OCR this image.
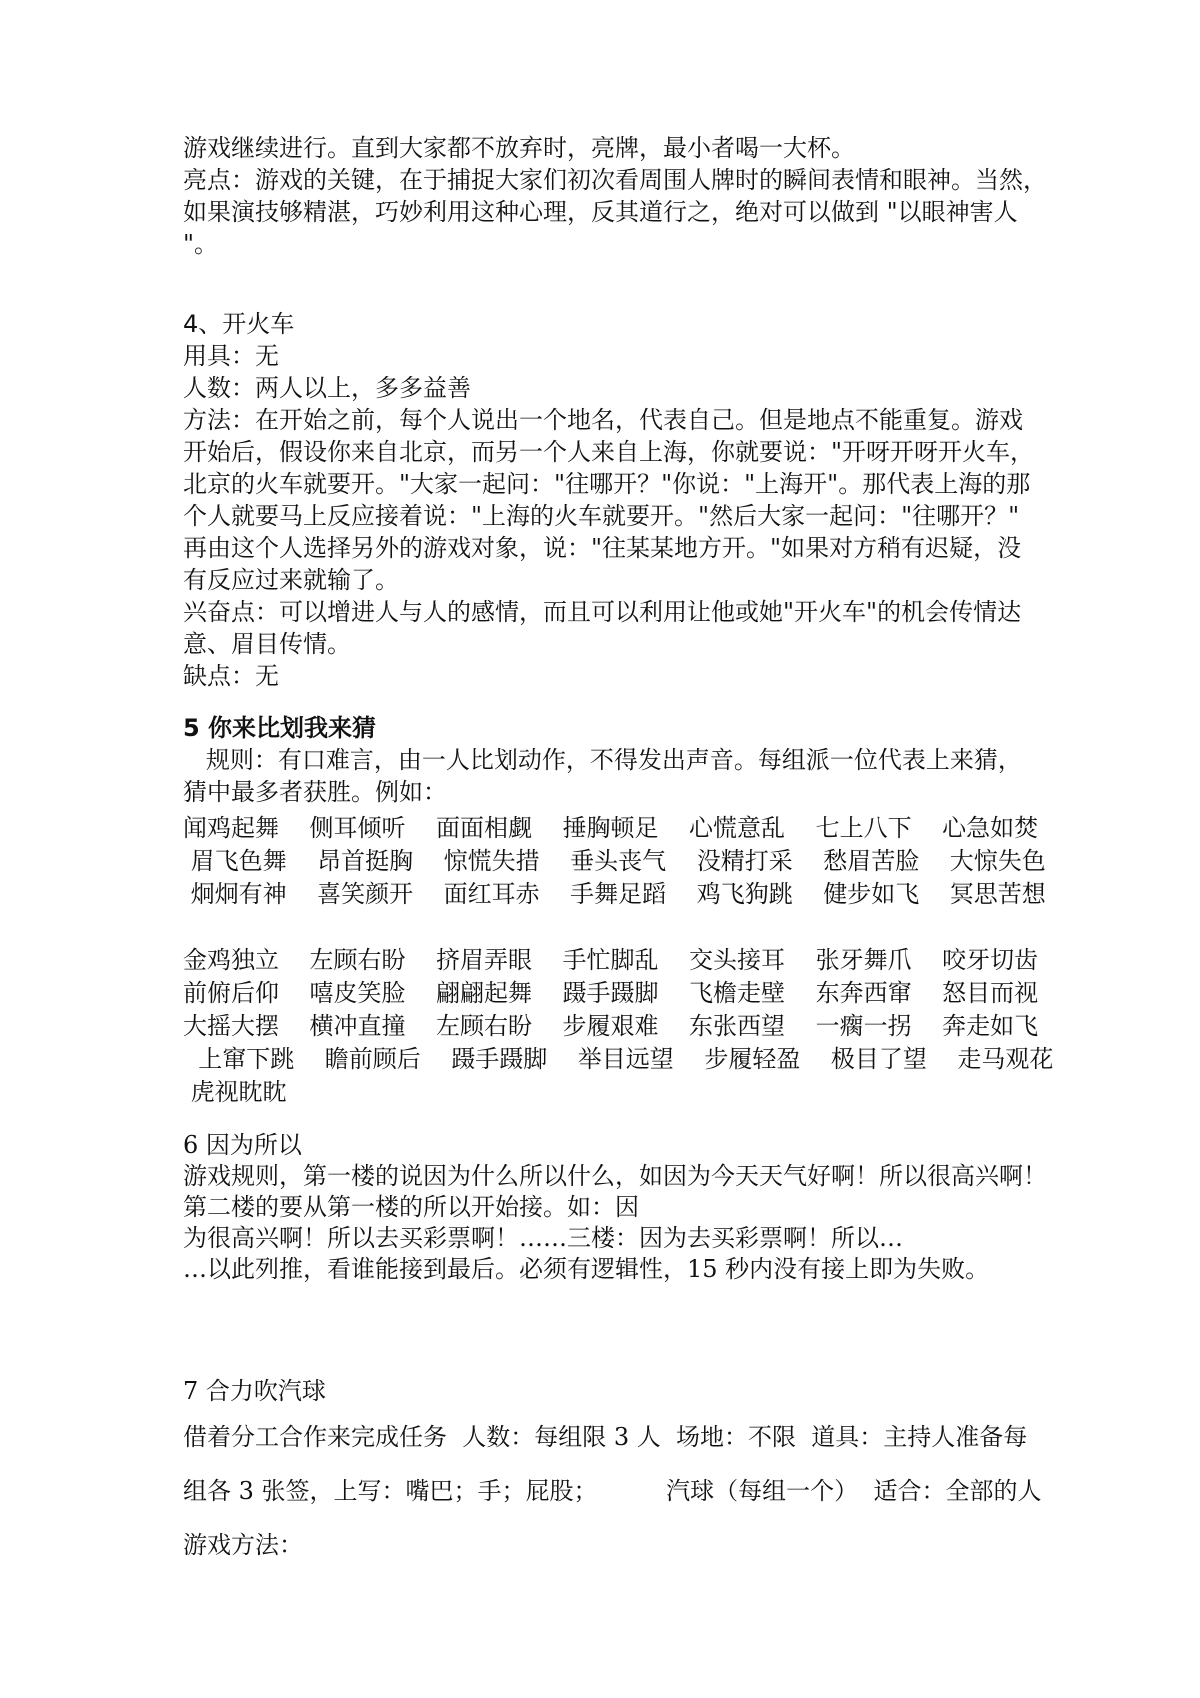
游戏继续进行。直到大家都不放弃时，亮牌，最小者喝一大杯。
亮点：游戏的关键，在于捕捉大家们初次看周围人牌时的瞬间表情和眼神。当然，
如果演技够精湛，巧妙利用这种心理，反其道行之，绝对可以做到 "以眼神害人
"。
4、开火车
用具：无
人数：两人以上，多多益善
方法：在开始之前，每个人说出一个地名，代表自己。但是地点不能重复。游戏
开始后，假设你来自北京，而另一个人来自上海，你就要说："开呀开呀开火车，
北京的火车就要开。"大家一起问："往哪开？"你说："上海开"。那代表上海的那
个人就要马上反应接着说："上海的火车就要开。"然后大家一起问："往哪开？"
再由这个人选择另外的游戏对象，说："往某某地方开。"如果对方稍有迟疑，没
有反应过来就输了。
兴奋点：可以增进人与人的感情，而且可以利用让他或她"开火车"的机会传情达
意、眉目传情。
缺点：无
5 你来比划我来猜
规则：有口难言，由一人比划动作，不得发出声音。每组派一位代表上来猜，
猜中最多者获胜。例如：
闻鸡起舞    侧耳倾听    面面相觑    捶胸顿足    心慌意乱    七上八下    心急如焚
眉飞色舞    昂首挺胸    惊慌失措    垂头丧气    没精打采    愁眉苦脸    大惊失色
炯炯有神    喜笑颜开    面红耳赤    手舞足蹈    鸡飞狗跳    健步如飞    冥思苦想
金鸡独立    左顾右盼    挤眉弄眼    手忙脚乱    交头接耳    张牙舞爪    咬牙切齿
前俯后仰    嘻皮笑脸    翩翩起舞    蹑手蹑脚    飞檐走壁    东奔西窜    怒目而视
大摇大摆    横冲直撞    左顾右盼    步履艰难    东张西望    一瘸一拐    奔走如飞
上窜下跳    瞻前顾后    蹑手蹑脚    举目远望    步履轻盈    极目了望    走马观花
虎视眈眈
6 因为所以
游戏规则，第一楼的说因为什么所以什么，如因为今天天气好啊！所以很高兴啊！
第二楼的要从第一楼的所以开始接。如：因
为很高兴啊！所以去买彩票啊！……三楼：因为去买彩票啊！所以…
…以此列推，看谁能接到最后。必须有逻辑性，15 秒内没有接上即为失败。
7 合力吹汽球
借着分工合作来完成任务  人数：每组限 3 人  场地：不限  道具：主持人准备每
组各 3 张签，上写：嘴巴；手；屁股；         汽球（每组一个）  适合：全部的人
游戏方法：
